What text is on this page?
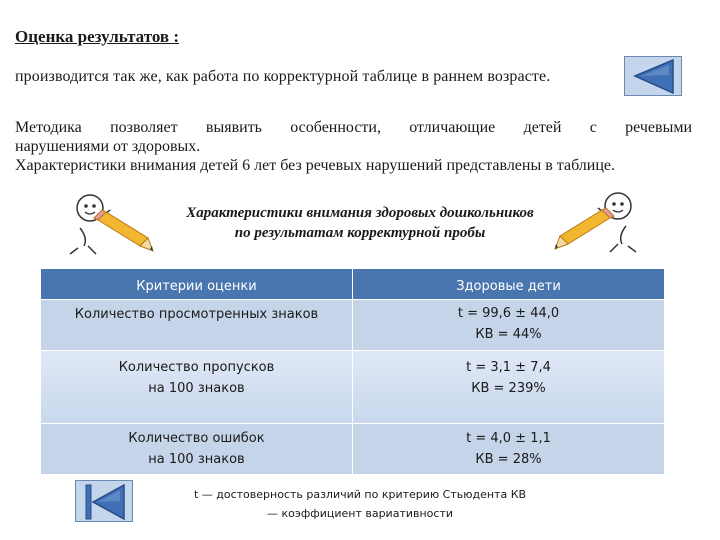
Оценка результатов :
производится так же, как работа по корректурной таблице в раннем возрасте.
Методика позволяет выявить особенности, отличающие детей с речевыми
нарушениями от здоровых.
Характеристики внимания детей 6 лет без речевых нарушений представлены в таблице.
Характеристики внимания здоровых дошкольников
по результатам корректурной пробы
Критерии оценки	Здоровые дети
Количество просмотренных знаков	t = 99,6 ± 44,0
КВ = 44%
Количество пропусков
на 100 знаков
t = 3,1 ± 7,4
КВ = 239%
Количество ошибок
на 100 знаков
t = 4,0 ± 1,1
КВ = 28%
t — достоверность различий по критерию Стьюдента КВ
— коэффициент вариативности
